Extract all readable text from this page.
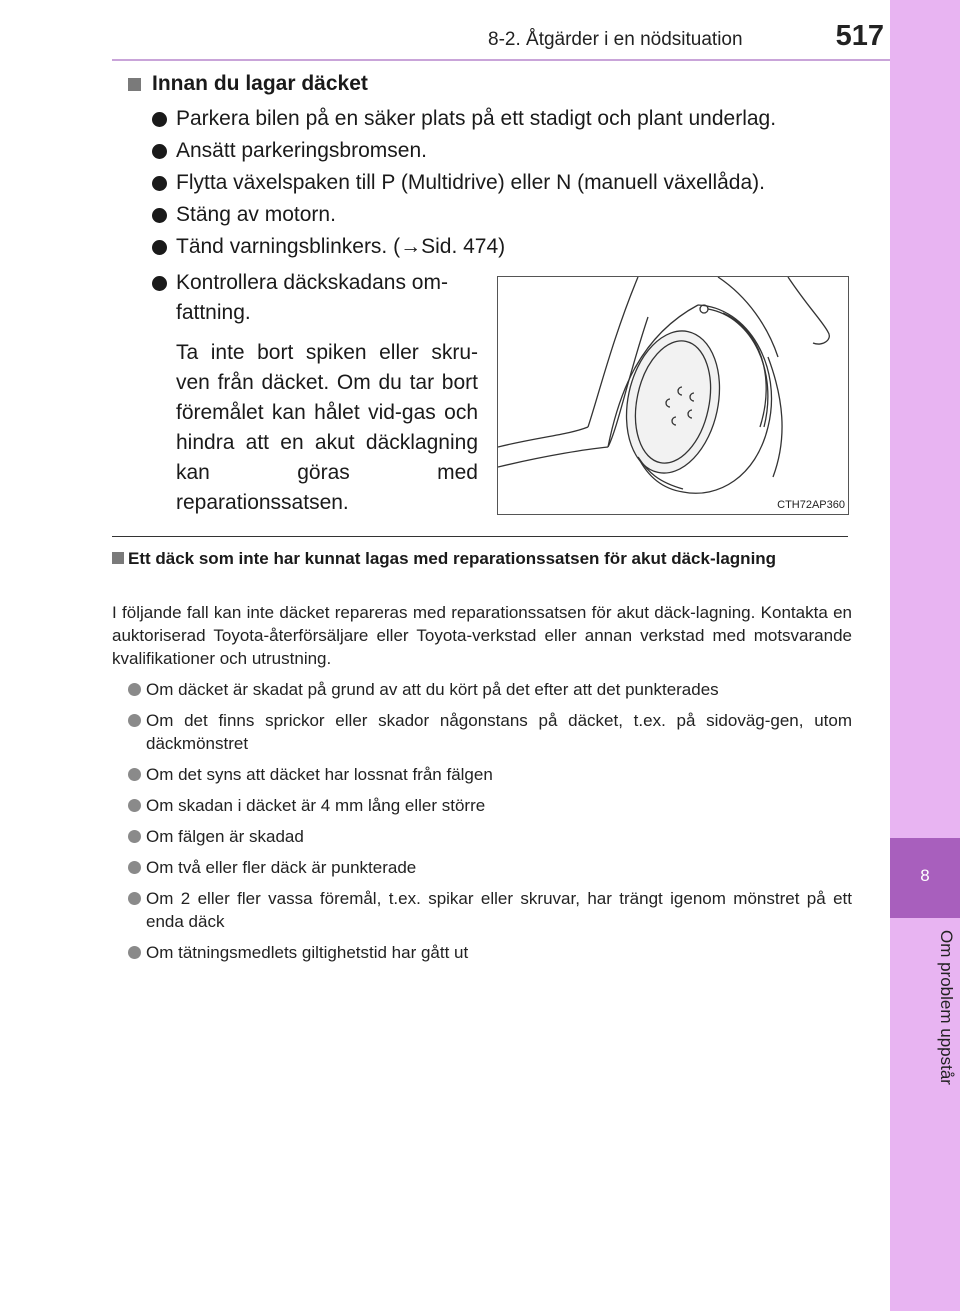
8-2. Åtgärder i en nödsituation	517
8
Om problem uppstår
Innan du lagar däcket
Parkera bilen på en säker plats på ett stadigt och plant underlag.
Ansätt parkeringsbromsen.
Flytta växelspaken till P (Multidrive) eller N (manuell växellåda).
Stäng av motorn.
Tänd varningsblinkers. (→Sid. 474)
Kontrollera däckskadans om-fattning.
Ta inte bort spiken eller skru-ven från däcket. Om du tar bort föremålet kan hålet vid-gas och hindra att en akut däcklagning kan göras med reparationssatsen.	CTH72AP360
Ett däck som inte har kunnat lagas med reparationssatsen för akut däck-lagning
I följande fall kan inte däcket repareras med reparationssatsen för akut däck-lagning. Kontakta en auktoriserad Toyota-återförsäljare eller Toyota-verkstad eller annan verkstad med motsvarande kvalifikationer och utrustning.
Om däcket är skadat på grund av att du kört på det efter att det punkterades
Om det finns sprickor eller skador någonstans på däcket, t.ex. på sidoväg-gen, utom däckmönstret
Om det syns att däcket har lossnat från fälgen
Om skadan i däcket är 4 mm lång eller större
Om fälgen är skadad
Om två eller fler däck är punkterade
Om 2 eller fler vassa föremål, t.ex. spikar eller skruvar, har trängt igenom mönstret på ett enda däck
Om tätningsmedlets giltighetstid har gått ut
